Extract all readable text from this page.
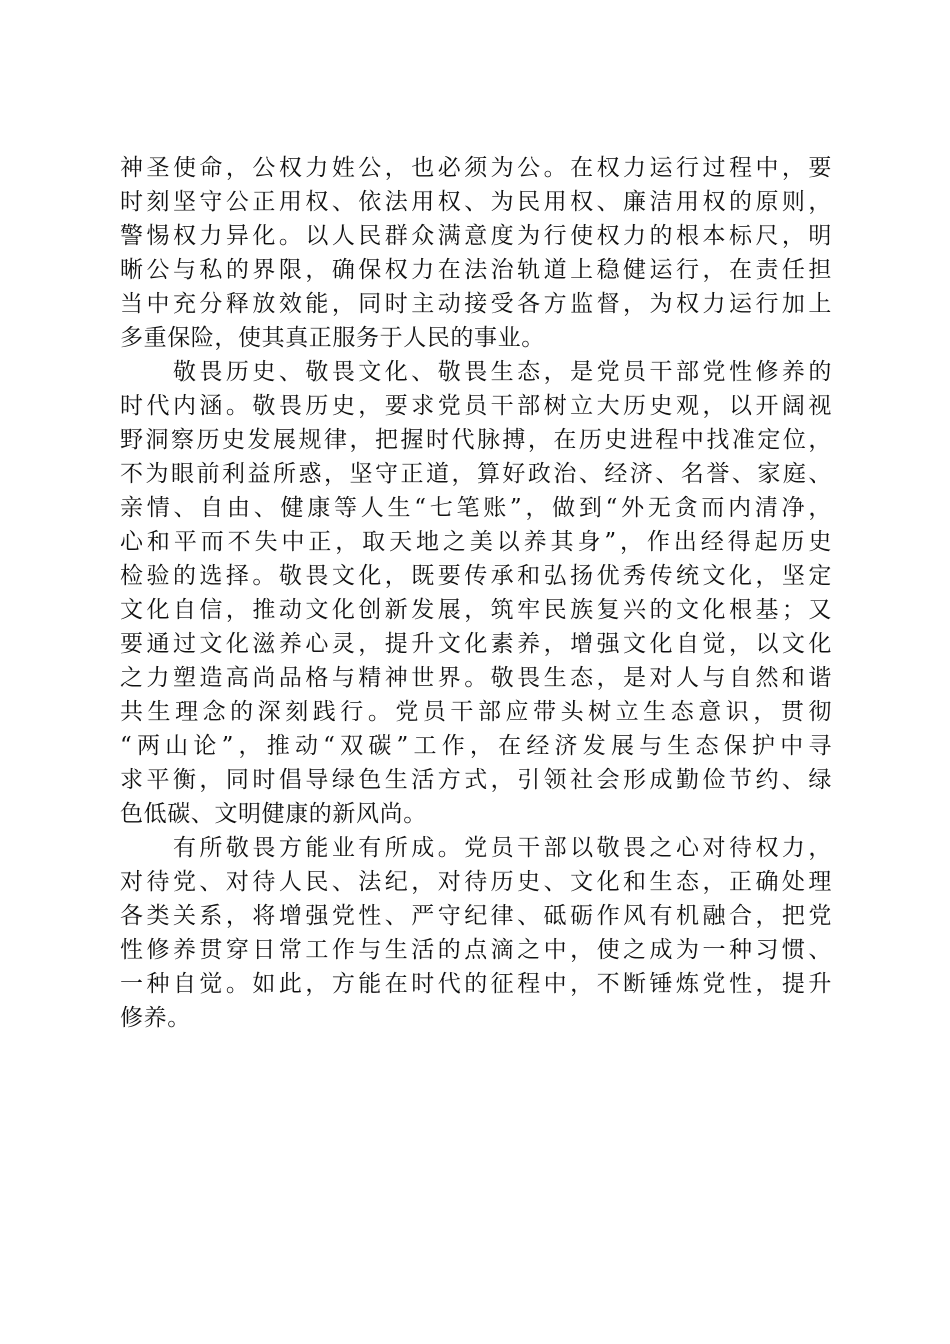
神圣使命，公权力姓公，也必须为公。在权力运行过程中，要
时刻坚守公正用权、依法用权、为民用权、廉洁用权的原则，
警惕权力异化。以人民群众满意度为行使权力的根本标尺，明
晰公与私的界限，确保权力在法治轨道上稳健运行，在责任担
当中充分释放效能，同时主动接受各方监督，为权力运行加上
多重保险，使其真正服务于人民的事业。
　　敬畏历史、敬畏文化、敬畏生态，是党员干部党性修养的
时代内涵。敬畏历史，要求党员干部树立大历史观，以开阔视
野洞察历史发展规律，把握时代脉搏，在历史进程中找准定位，
不为眼前利益所惑，坚守正道，算好政治、经济、名誉、家庭、
亲情、自由、健康等人生“七笔账”，做到“外无贪而内清净，
心和平而不失中正，取天地之美以养其身”，作出经得起历史
检验的选择。敬畏文化，既要传承和弘扬优秀传统文化，坚定
文化自信，推动文化创新发展，筑牢民族复兴的文化根基；又
要通过文化滋养心灵，提升文化素养，增强文化自觉，以文化
之力塑造高尚品格与精神世界。敬畏生态，是对人与自然和谐
共生理念的深刻践行。党员干部应带头树立生态意识，贯彻
“两山论”，推动“双碳”工作，在经济发展与生态保护中寻
求平衡，同时倡导绿色生活方式，引领社会形成勤俭节约、绿
色低碳、文明健康的新风尚。
　　有所敬畏方能业有所成。党员干部以敬畏之心对待权力，
对待党、对待人民、法纪，对待历史、文化和生态，正确处理
各类关系，将增强党性、严守纪律、砥砺作风有机融合，把党
性修养贯穿日常工作与生活的点滴之中，使之成为一种习惯、
一种自觉。如此，方能在时代的征程中，不断锤炼党性，提升
修养。
